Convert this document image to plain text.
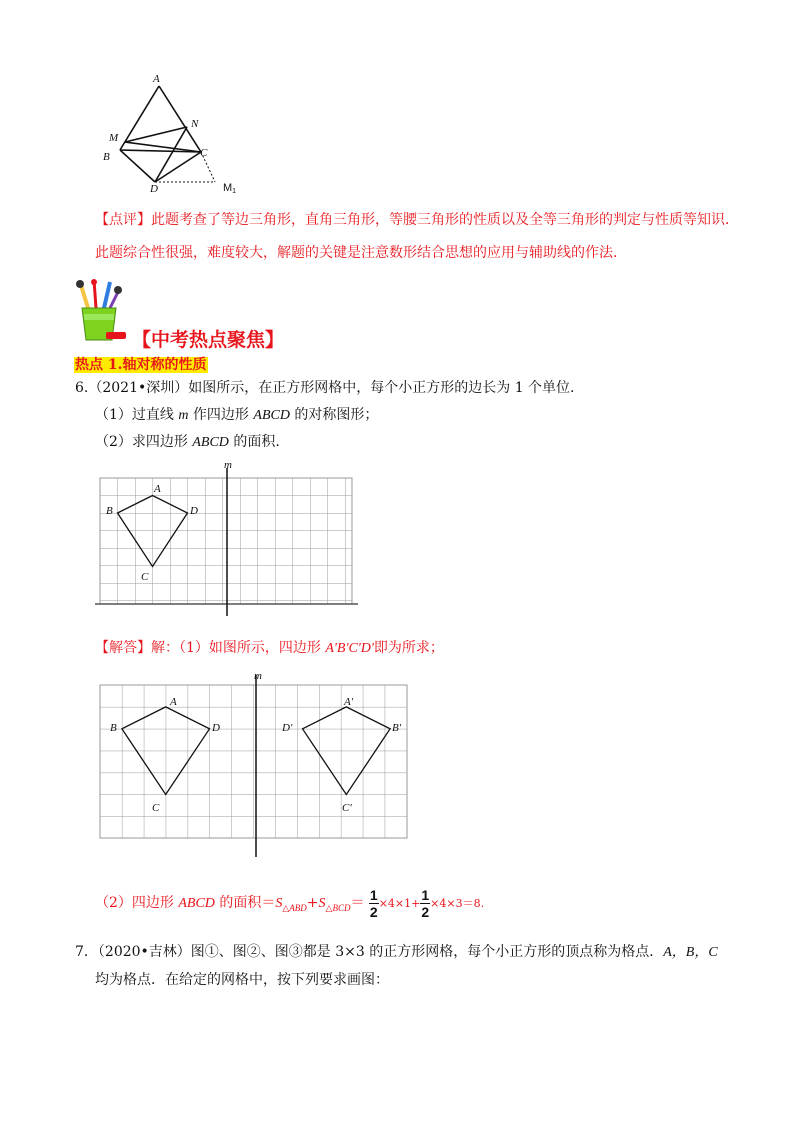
A
N
M
B	C
D	M1
【点评】此题考查了等边三角形，直角三角形，等腰三角形的性质以及全等三角形的判定与性质等知识．
此题综合性很强，难度较大，解题的关键是注意数形结合思想的应用与辅助线的作法.
【中考热点聚焦】
热点 1.轴对称的性质
6.（2021•深圳）如图所示，在正方形网格中，每个小正方形的边长为 1 个单位.
（1）过直线 m 作四边形 ABCD 的对称图形；
（2）求四边形 ABCD 的面积.
m
A
B	D
C
【解答】解：（1）如图所示，四边形 A'B'C'D'即为所求；
m
A
B	D
C
A'
D'	B'
C'
（2）四边形 ABCD 的面积$=S_{\triangle ABD}+S_{\triangle BCD}= \frac{1}{2} \times 4\times 1+ \frac{1}{2} \times 4\times 3=8$.
7．（2020•吉林）图①、图②、图③都是 3×3 的正方形网格，每个小正方形的顶点称为格点．A，B，C
均为格点．在给定的网格中，按下列要求画图：
